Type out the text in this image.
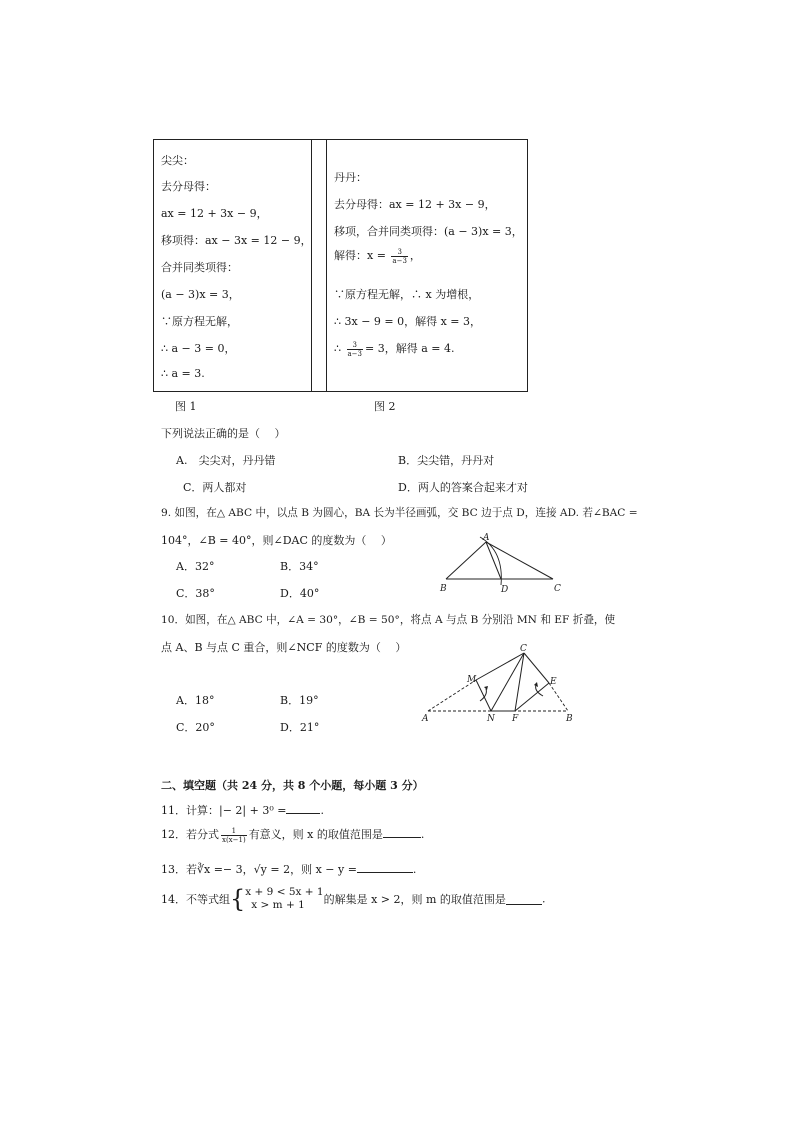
尖尖：
去分母得：
ax = 12 + 3x − 9，
移项得：ax − 3x = 12 − 9，
合并同类项得：
(a − 3)x = 3，
∵原方程无解，
∴ a − 3 = 0，
∴ a = 3.
丹丹：
去分母得：ax = 12 + 3x − 9，
移项，合并同类项得：(a − 3)x = 3，
解得：$x = \frac{3}{a-3}$ ，
∵原方程无解，∴ x 为增根，
∴ 3x − 9 = 0，解得 x = 3，
∴ $\frac{3}{a-3} = 3$，解得 a = 4.
图 1	图 2
下列说法正确的是（　 ）
A.　尖尖对，丹丹错	B．尖尖错，丹丹对
C．两人都对	D．两人的答案合起来才对
9. 如图，在△ ABC 中，以点 B 为圆心，BA 长为半径画弧，交 BC 边于点 D，连接 AD. 若∠BAC =
104°，∠B = 40°，则∠DAC 的度数为（　 ）
A．32°	B．34°
C．38°	D．40°
A
B	D	C
10．如图，在△ ABC 中，∠A = 30°，∠B = 50°，将点 A 与点 B 分别沿 MN 和 EF 折叠，使
点 A、B 与点 C 重合，则∠NCF 的度数为（　 ）
A．18°	B．19°
C．20°	D．21°
C
M	E
A	N F	B
二、填空题（共 24 分，共 8 个小题，每小题 3 分）
11．计算：|− 2| + 3⁰ =	.
12．若分式 $\frac{1}{x(x-1)}$ 有意义，则 x 的取值范围是	.
13．若∛x =− 3，√y = 2，则 x − y =	.
14．不等式组{ x + 9 < 5x + 1
x > m + 1	的解集是 x > 2，则 m 的取值范围是	.
